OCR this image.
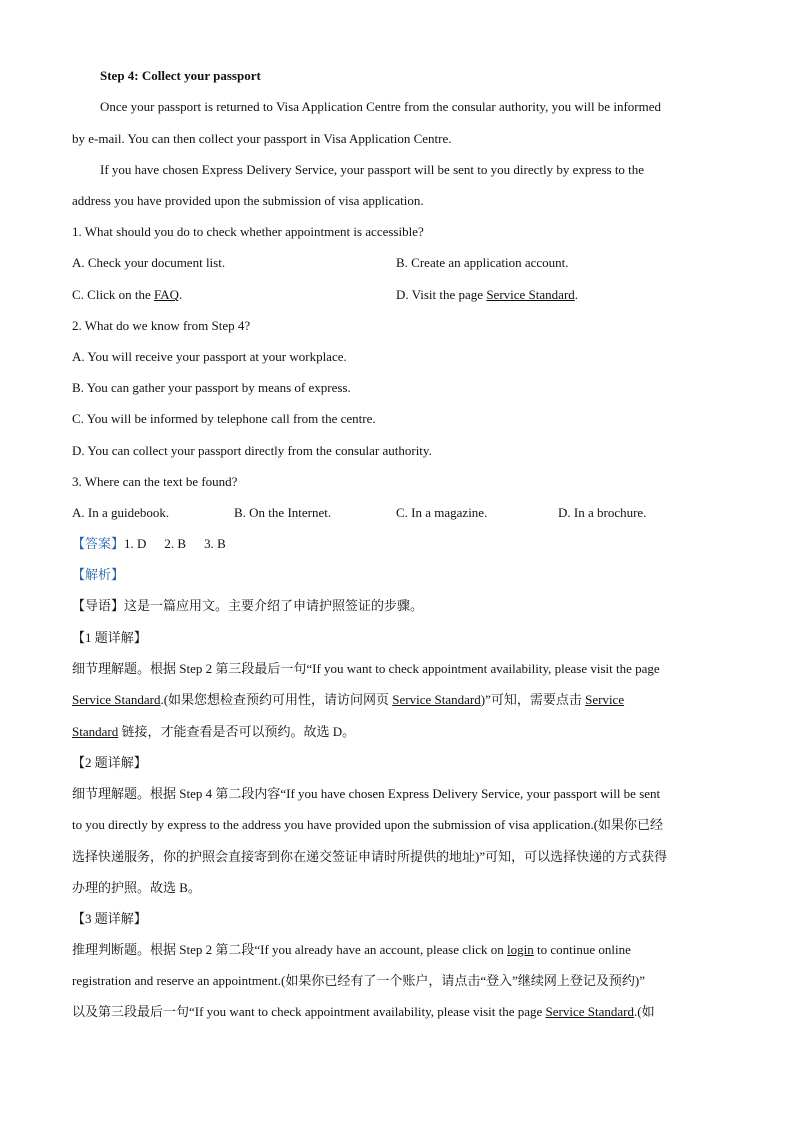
Step 4: Collect your passport
Once your passport is returned to Visa Application Centre from the consular authority, you will be informed
by e-mail. You can then collect your passport in Visa Application Centre.
If you have chosen Express Delivery Service, your passport will be sent to you directly by express to the
address you have provided upon the submission of visa application.
1. What should you do to check whether appointment is accessible?
A. Check your document list.	B. Create an application account.
C. Click on the FAQ.	D. Visit the page Service Standard.
2. What do we know from Step 4?
A. You will receive your passport at your workplace.
B. You can gather your passport by means of express.
C. You will be informed by telephone call from the centre.
D. You can collect your passport directly from the consular authority.
3. Where can the text be found?
A. In a guidebook.	B. On the Internet.	C. In a magazine.	D. In a brochure.
【答案】1. D 2. B 3. B
【解析】
【导语】这是一篇应用文。主要介绍了申请护照签证的步骤。
【1 题详解】
细节理解题。根据 Step 2 第三段最后一句“If you want to check appointment availability, please visit the page
Service Standard.(如果您想检查预约可用性，请访问网页 Service Standard)”可知，需要点击 Service
Standard 链接，才能查看是否可以预约。故选 D。
【2 题详解】
细节理解题。根据 Step 4 第二段内容“If you have chosen Express Delivery Service, your passport will be sent
to you directly by express to the address you have provided upon the submission of visa application.(如果你已经
选择快递服务，你的护照会直接寄到你在递交签证申请时所提供的地址)”可知，可以选择快递的方式获得
办理的护照。故选 B。
【3 题详解】
推理判断题。根据 Step 2 第二段“If you already have an account, please click on login to continue online
registration and reserve an appointment.(如果你已经有了一个账户，请点击“登入”继续网上登记及预约)”
以及第三段最后一句“If you want to check appointment availability, please visit the page Service Standard.(如
